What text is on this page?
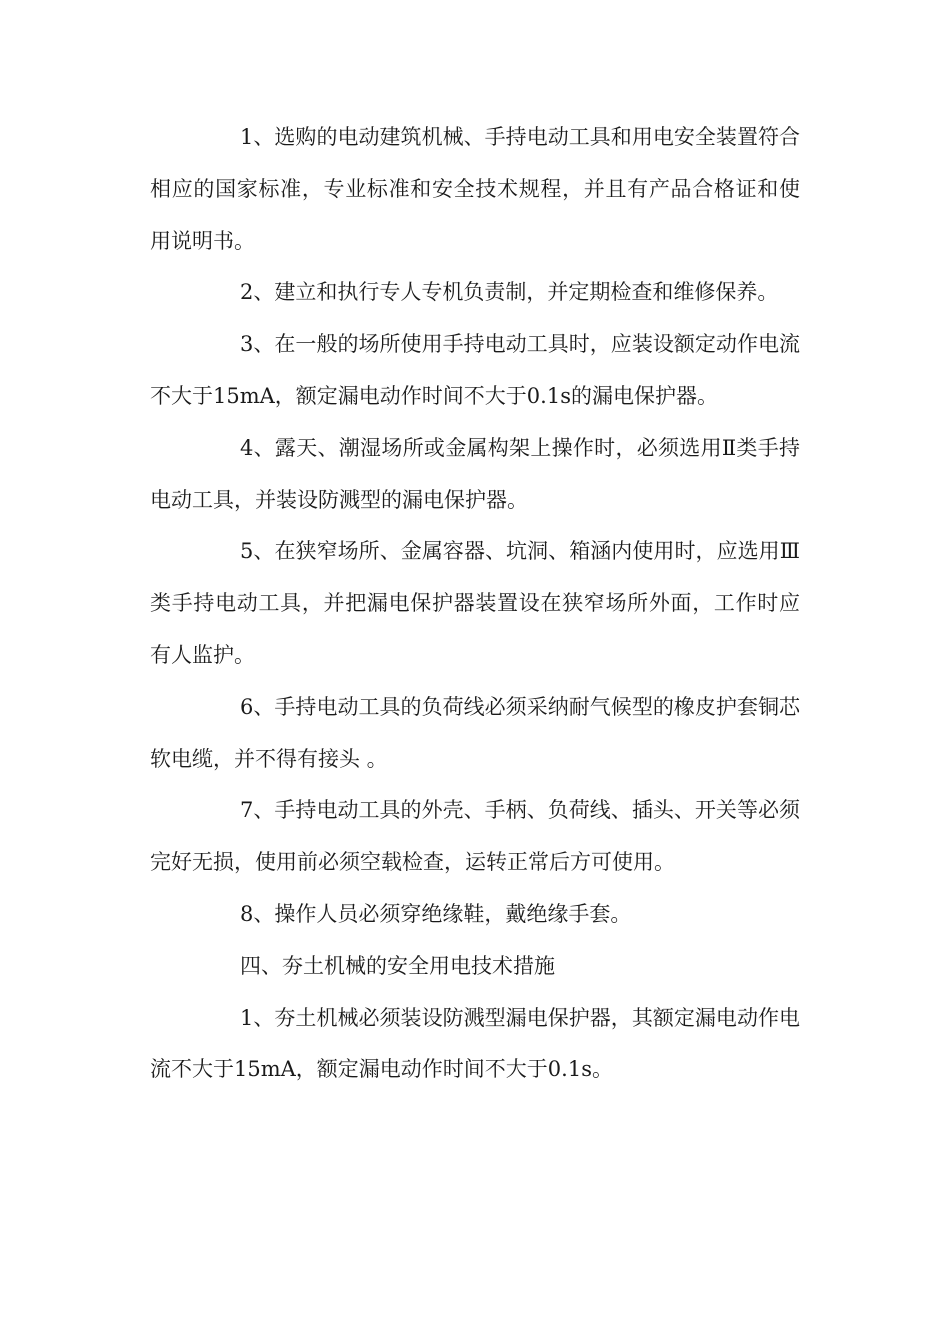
1、选购的电动建筑机械、手持电动工具和用电安全装置符合相应的国家标准，专业标准和安全技术规程，并且有产品合格证和使用说明书。

2、建立和执行专人专机负责制，并定期检查和维修保养。

3、在一般的场所使用手持电动工具时，应装设额定动作电流不大于15mA，额定漏电动作时间不大于0.1s的漏电保护器。

4、露天、潮湿场所或金属构架上操作时，必须选用Ⅱ类手持电动工具，并装设防溅型的漏电保护器。

5、在狭窄场所、金属容器、坑洞、箱涵内使用时，应选用Ⅲ类手持电动工具，并把漏电保护器装置设在狭窄场所外面，工作时应有人监护。

6、手持电动工具的负荷线必须采纳耐气候型的橡皮护套铜芯软电缆，并不得有接头 。

7、手持电动工具的外壳、手柄、负荷线、插头、开关等必须完好无损，使用前必须空载检查，运转正常后方可使用。

8、操作人员必须穿绝缘鞋，戴绝缘手套。

四、夯土机械的安全用电技术措施

1、夯土机械必须装设防溅型漏电保护器，其额定漏电动作电流不大于15mA，额定漏电动作时间不大于0.1s。
